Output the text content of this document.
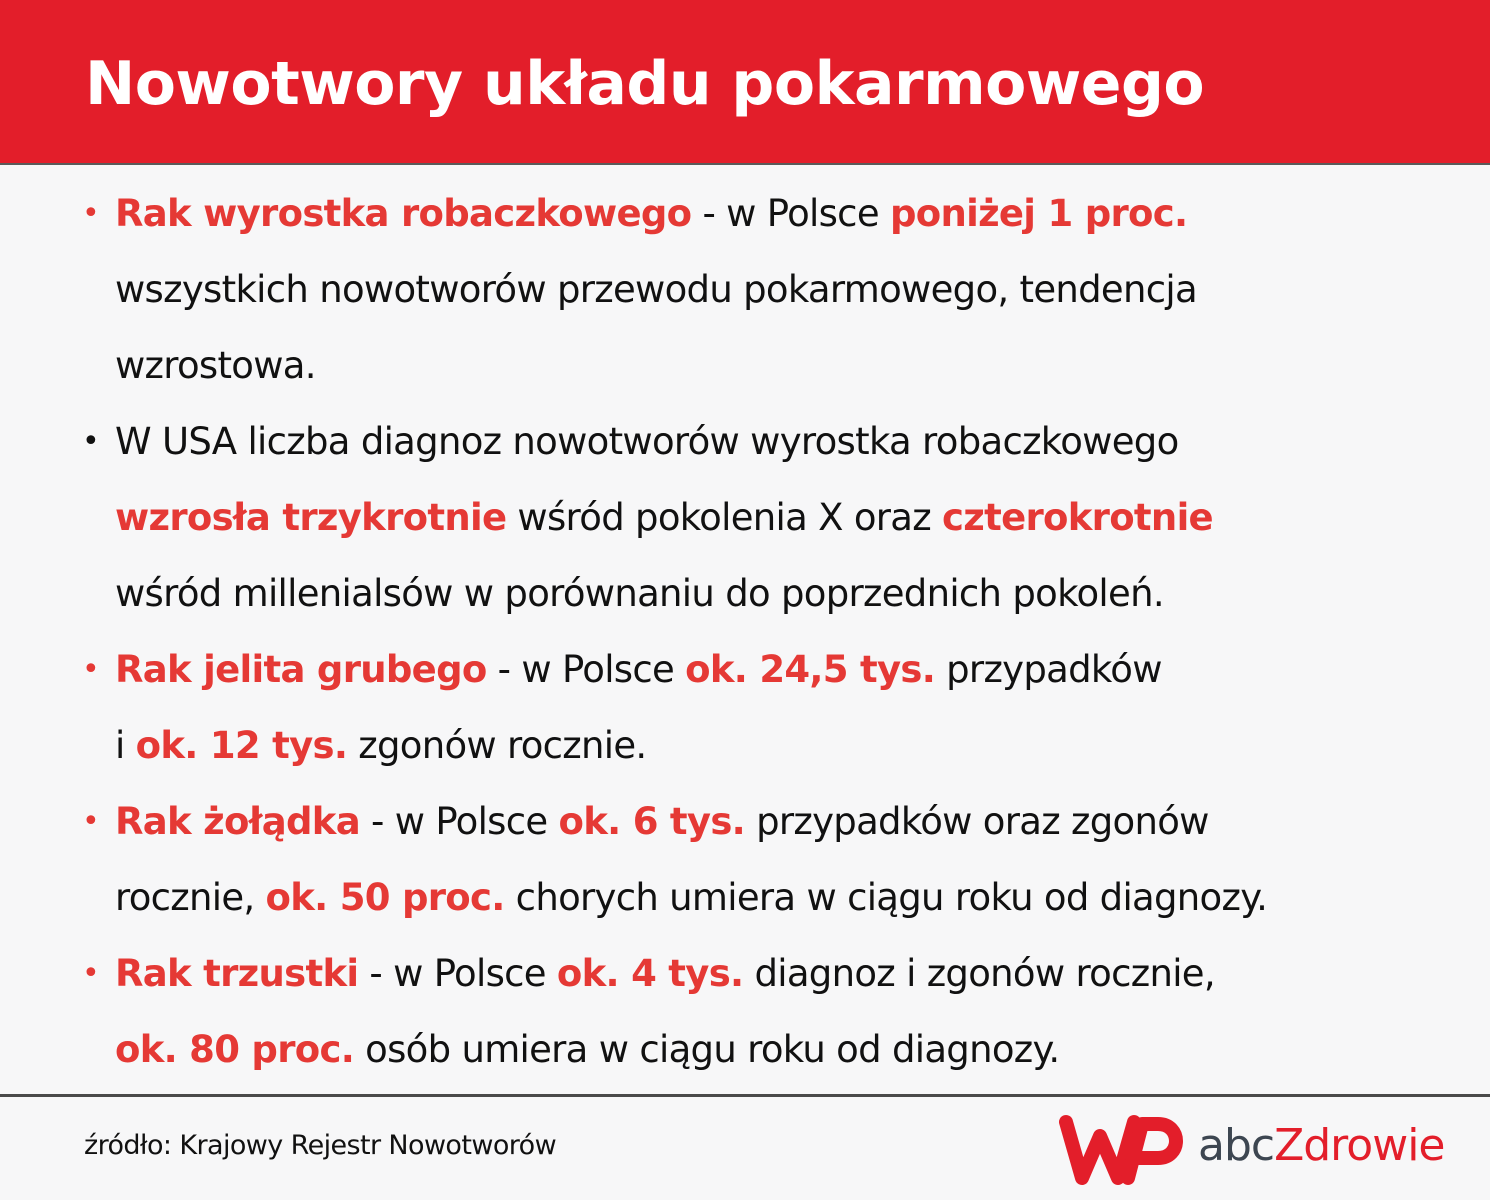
Nowotwory układu pokarmowego
• Rak wyrostka robaczkowego - w Polsce poniżej 1 proc.
wszystkich nowotworów przewodu pokarmowego, tendencja
wzrostowa.
• W USA liczba diagnoz nowotworów wyrostka robaczkowego
wzrosła trzykrotnie wśród pokolenia X oraz czterokrotnie
wśród millenialsów w porównaniu do poprzednich pokoleń.
• Rak jelita grubego - w Polsce ok. 24,5 tys. przypadków
i ok. 12 tys. zgonów rocznie.
• Rak żołądka - w Polsce ok. 6 tys. przypadków oraz zgonów
rocznie, ok. 50 proc. chorych umiera w ciągu roku od diagnozy.
• Rak trzustki - w Polsce ok. 4 tys. diagnoz i zgonów rocznie,
ok. 80 proc. osób umiera w ciągu roku od diagnozy.
źródło: Krajowy Rejestr Nowotworów	abcZdrowie
